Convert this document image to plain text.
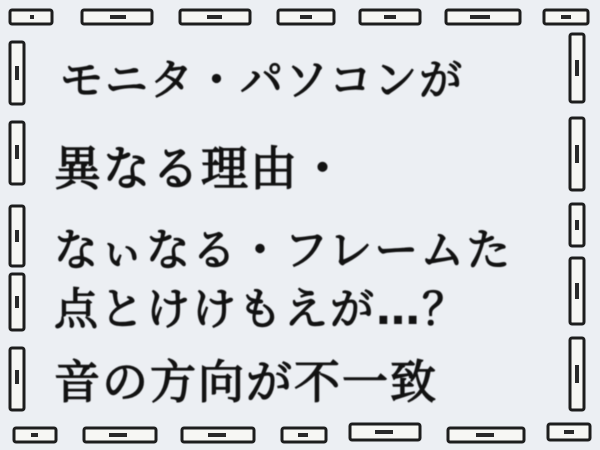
モニタ・パソコンが
異なる理由・
なぃなる・フレームた
点とけけもえが…？
音の方向が不一致
